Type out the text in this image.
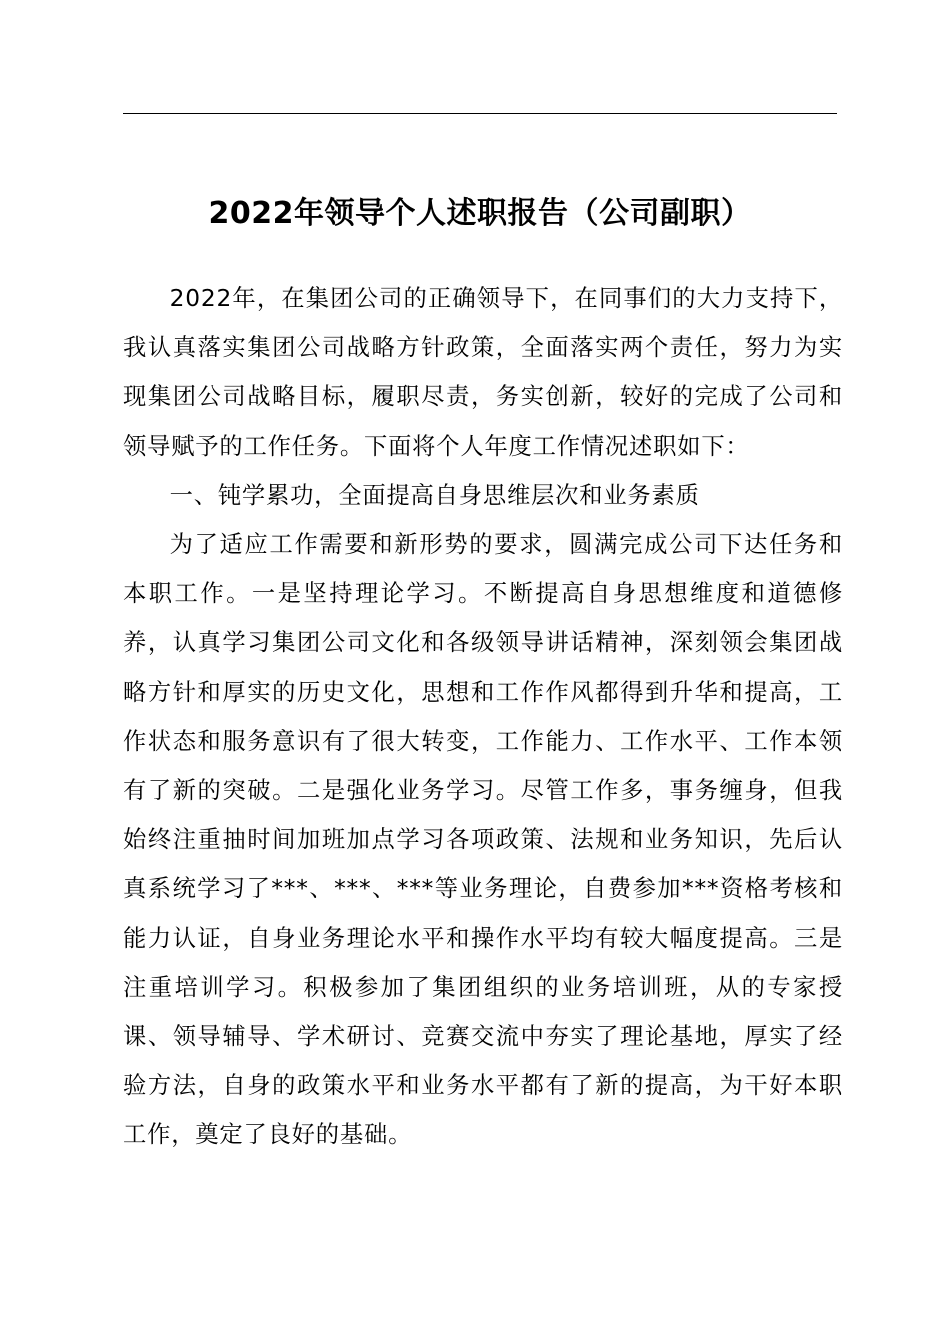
2022年领导个人述职报告（公司副职）

2022年，在集团公司的正确领导下，在同事们的大力支持下，我认真落实集团公司战略方针政策，全面落实两个责任，努力为实现集团公司战略目标，履职尽责，务实创新，较好的完成了公司和领导赋予的工作任务。下面将个人年度工作情况述职如下：

一、钝学累功，全面提高自身思维层次和业务素质

为了适应工作需要和新形势的要求，圆满完成公司下达任务和本职工作。一是坚持理论学习。不断提高自身思想维度和道德修养，认真学习集团公司文化和各级领导讲话精神，深刻领会集团战略方针和厚实的历史文化，思想和工作作风都得到升华和提高，工作状态和服务意识有了很大转变，工作能力、工作水平、工作本领有了新的突破。二是强化业务学习。尽管工作多，事务缠身，但我始终注重抽时间加班加点学习各项政策、法规和业务知识，先后认真系统学习了***、***、***等业务理论，自费参加***资格考核和能力认证，自身业务理论水平和操作水平均有较大幅度提高。三是注重培训学习。积极参加了集团组织的业务培训班，从的专家授课、领导辅导、学术研讨、竞赛交流中夯实了理论基地，厚实了经验方法，自身的政策水平和业务水平都有了新的提高，为干好本职工作，奠定了良好的基础。
